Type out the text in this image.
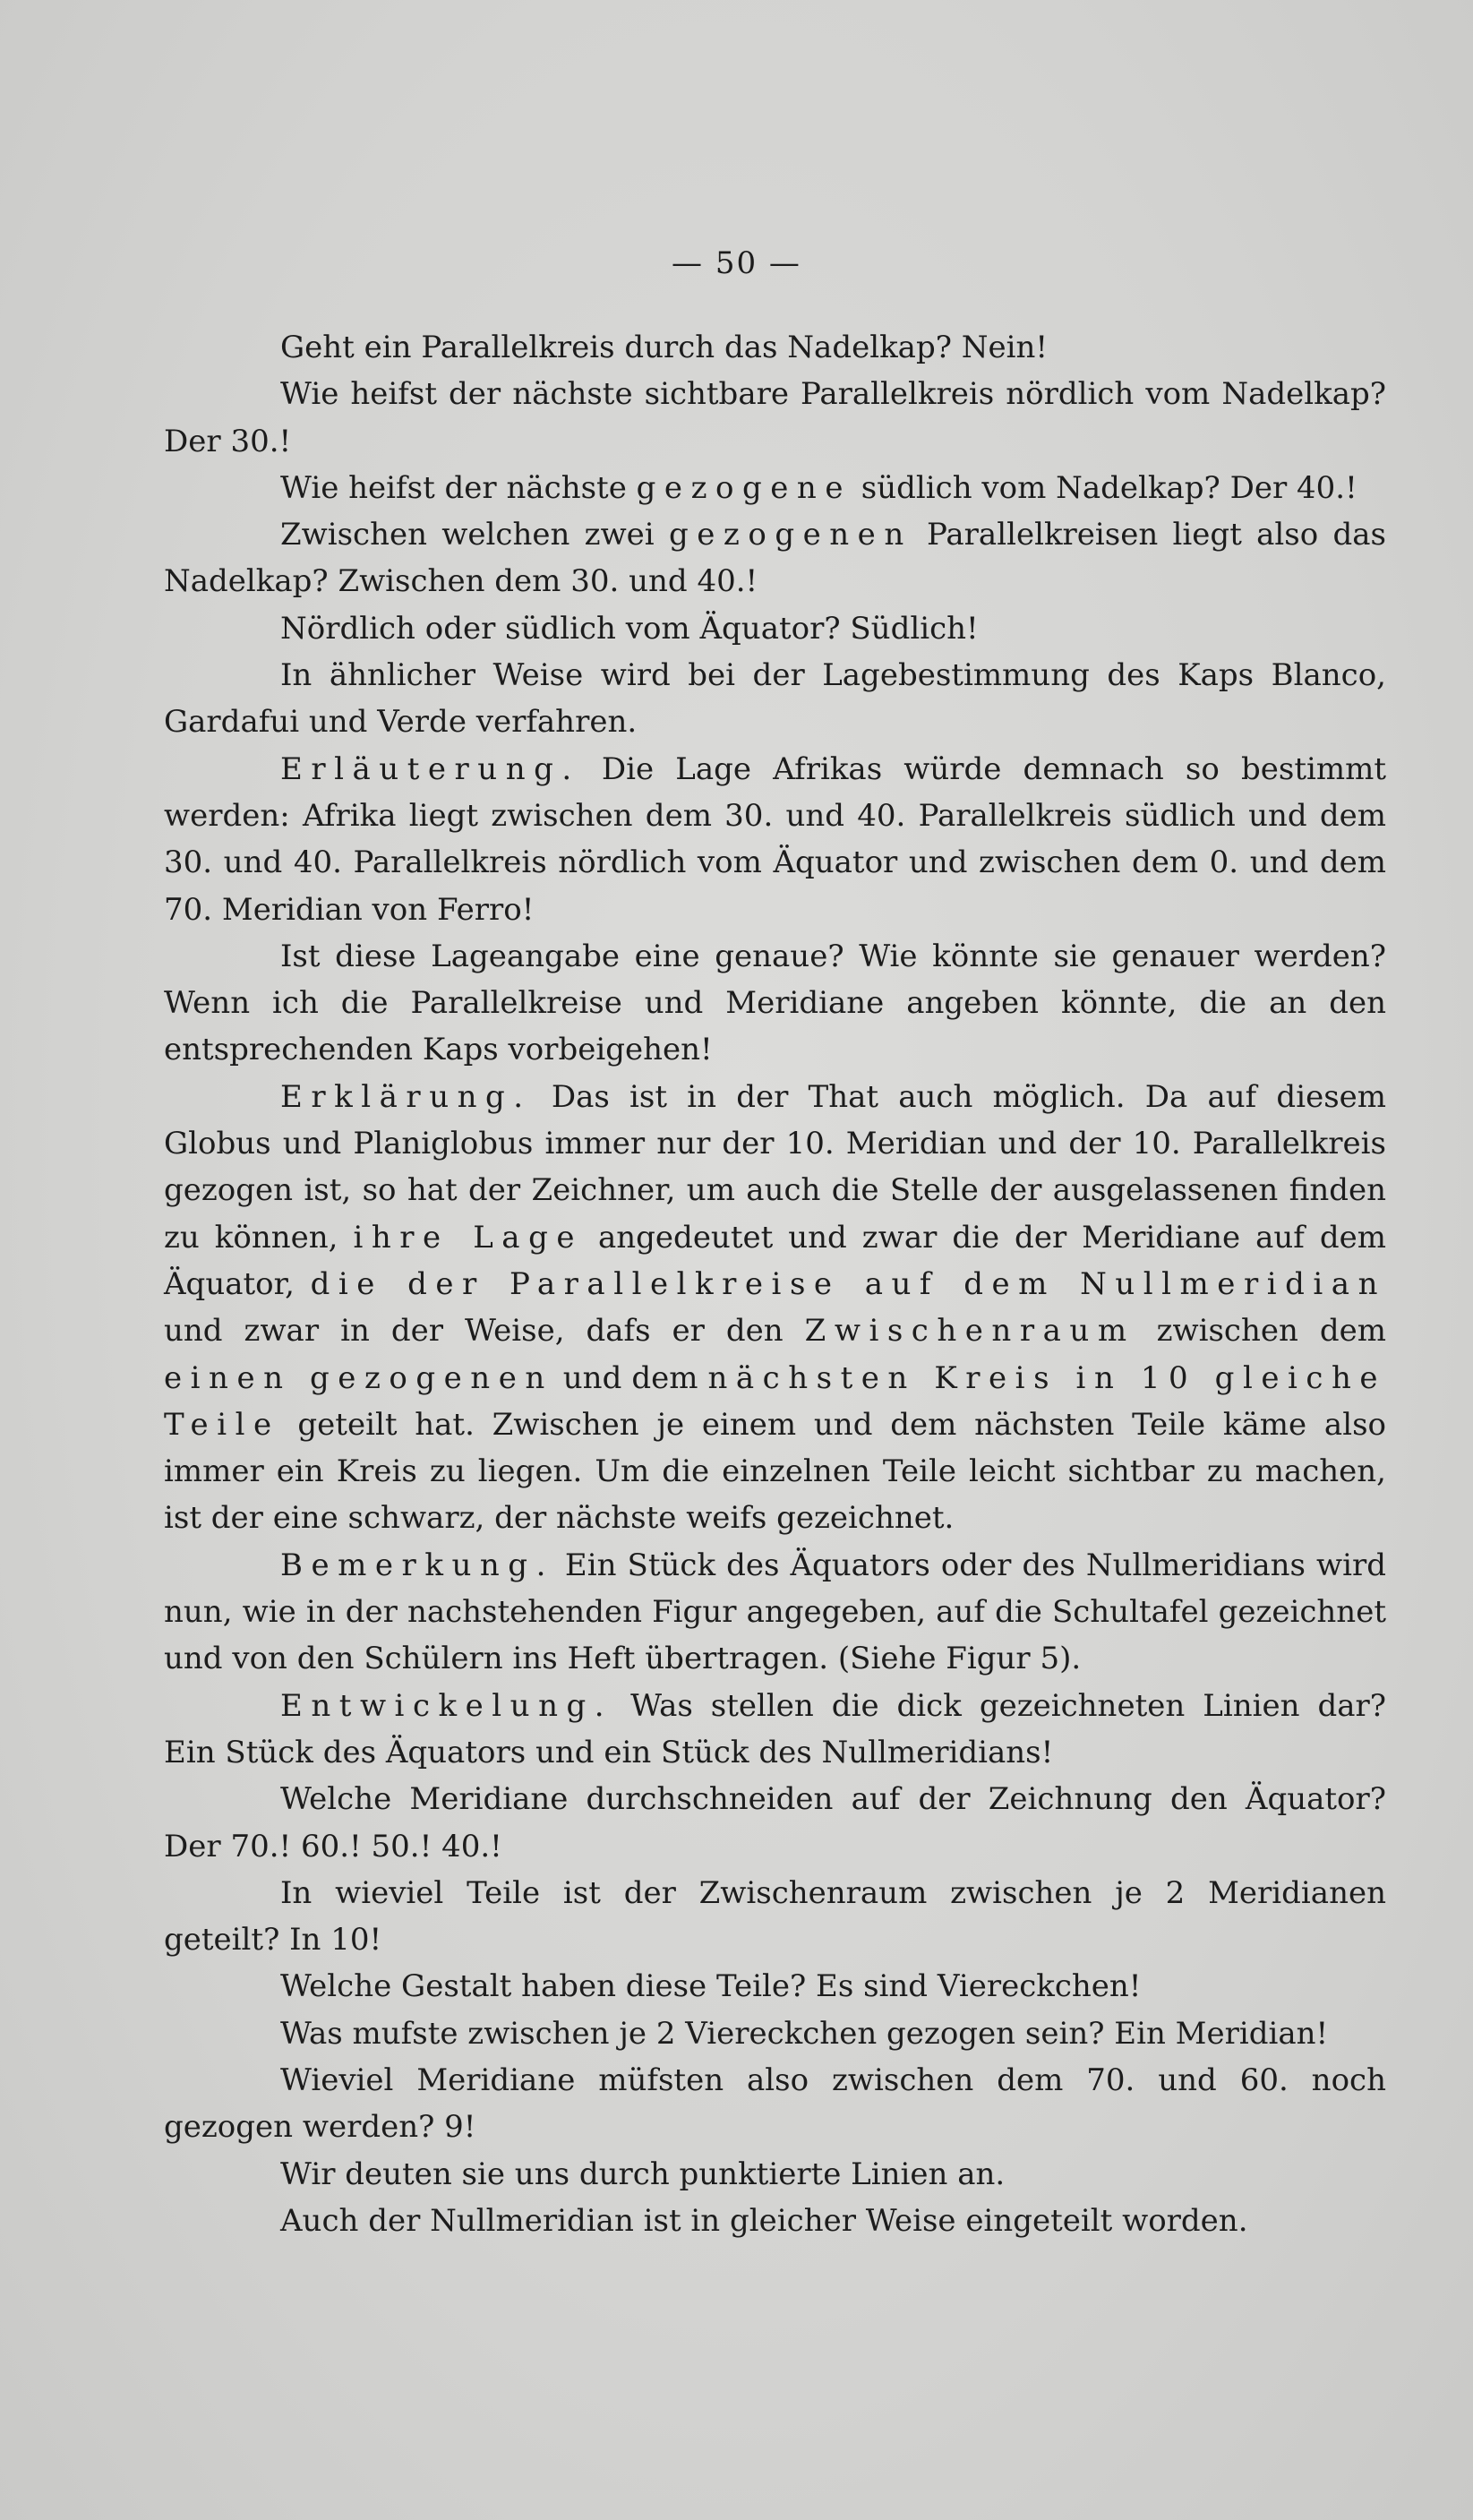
— 50 —

Geht ein Parallelkreis durch das Nadelkap? Nein!

Wie heifst der nächste sichtbare Parallelkreis nördlich vom Nadelkap? Der 30.!

Wie heifst der nächste gezogene südlich vom Nadelkap? Der 40.!

Zwischen welchen zwei gezogenen Parallelkreisen liegt also das Nadelkap? Zwischen dem 30. und 40.!

Nördlich oder südlich vom Äquator? Südlich!

In ähnlicher Weise wird bei der Lagebestimmung des Kaps Blanco, Gardafui und Verde verfahren.

Erläuterung. Die Lage Afrikas würde demnach so bestimmt werden: Afrika liegt zwischen dem 30. und 40. Parallelkreis südlich und dem 30. und 40. Parallelkreis nördlich vom Äquator und zwischen dem 0. und dem 70. Meridian von Ferro!

Ist diese Lageangabe eine genaue? Wie könnte sie genauer werden? Wenn ich die Parallelkreise und Meridiane angeben könnte, die an den entsprechenden Kaps vorbeigehen!

Erklärung. Das ist in der That auch möglich. Da auf diesem Globus und Planiglobus immer nur der 10. Meridian und der 10. Parallelkreis gezogen ist, so hat der Zeichner, um auch die Stelle der ausgelassenen finden zu können, ihre Lage angedeutet und zwar die der Meridiane auf dem Äquator, die der Parallelkreise auf dem Nullmeridian und zwar in der Weise, dafs er den Zwischenraum zwischen dem einen gezogenen und dem nächsten Kreis in 10 gleiche Teile geteilt hat. Zwischen je einem und dem nächsten Teile käme also immer ein Kreis zu liegen. Um die einzelnen Teile leicht sichtbar zu machen, ist der eine schwarz, der nächste weifs gezeichnet.

Bemerkung. Ein Stück des Äquators oder des Nullmeridians wird nun, wie in der nachstehenden Figur angegeben, auf die Schultafel gezeichnet und von den Schülern ins Heft übertragen. (Siehe Figur 5).

Entwickelung. Was stellen die dick gezeichneten Linien dar? Ein Stück des Äquators und ein Stück des Nullmeridians!

Welche Meridiane durchschneiden auf der Zeichnung den Äquator? Der 70.! 60.! 50.! 40.!

In wieviel Teile ist der Zwischenraum zwischen je 2 Meridianen geteilt? In 10!

Welche Gestalt haben diese Teile? Es sind Viereckchen!

Was mufste zwischen je 2 Viereckchen gezogen sein? Ein Meridian!

Wieviel Meridiane müfsten also zwischen dem 70. und 60. noch gezogen werden? 9!

Wir deuten sie uns durch punktierte Linien an.

Auch der Nullmeridian ist in gleicher Weise eingeteilt worden.
